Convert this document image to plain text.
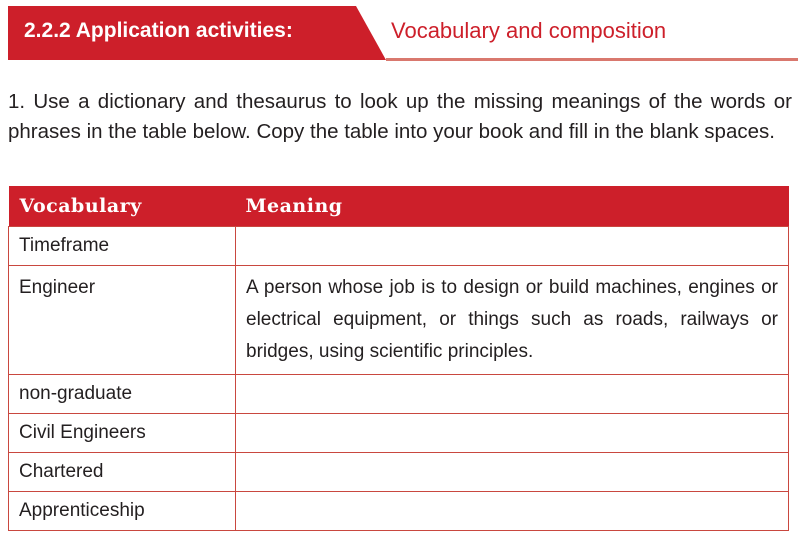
2.2.2 Application activities:	Vocabulary and composition

1. Use a dictionary and thesaurus to look up the missing meanings of the words or phrases in the table below. Copy the table into your book and fill in the blank spaces.

Vocabulary	Meaning
Timeframe	
Engineer	A person whose job is to design or build machines, engines or electrical equipment, or things such as roads, railways or bridges, using scientific principles.
non-graduate	
Civil Engineers	
Chartered	
Apprenticeship	
